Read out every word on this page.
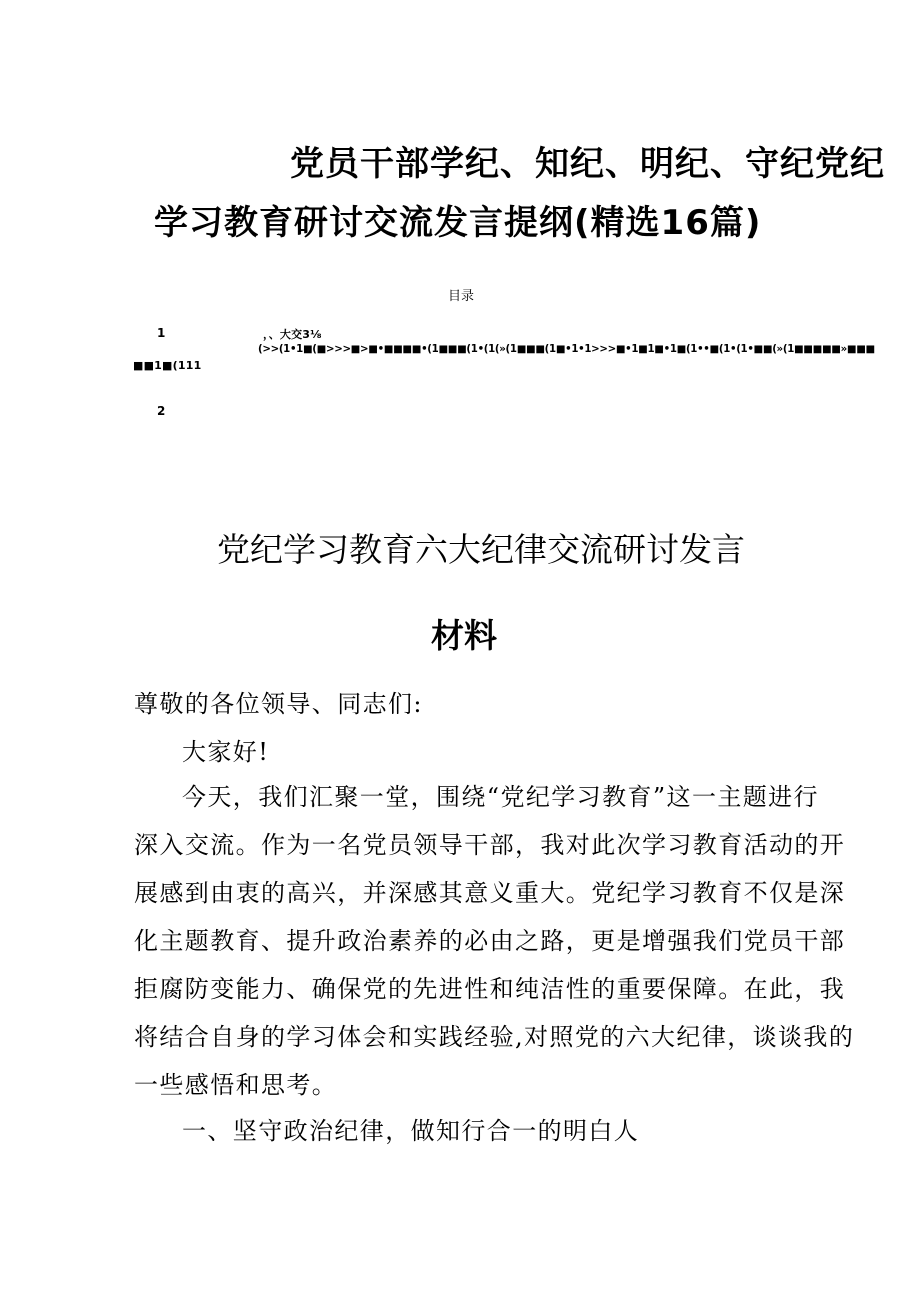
党员干部学纪、知纪、明纪、守纪党纪
学习教育研讨交流发言提纲(精选16篇)
目录
1	，、大交3⅛
(>>(1•1■(■>>>■>■•■■■■•(1■■■(1•(1(»(1■■■(1■•1•1>>>■•1■1■•1■(1••■(1•(1•■■(»(1■■■■■»■■■
■■1■(111
2
党纪学习教育六大纪律交流研讨发言
材料
尊敬的各位领导、同志们:
大家好!
今天，我们汇聚一堂，围绕“党纪学习教育”这一主题进行
深入交流。作为一名党员领导干部，我对此次学习教育活动的开
展感到由衷的高兴，并深感其意义重大。党纪学习教育不仅是深
化主题教育、提升政治素养的必由之路，更是增强我们党员干部
拒腐防变能力、确保党的先进性和纯洁性的重要保障。在此，我
将结合自身的学习体会和实践经验,对照党的六大纪律，谈谈我的
一些感悟和思考。
一、坚守政治纪律，做知行合一的明白人
